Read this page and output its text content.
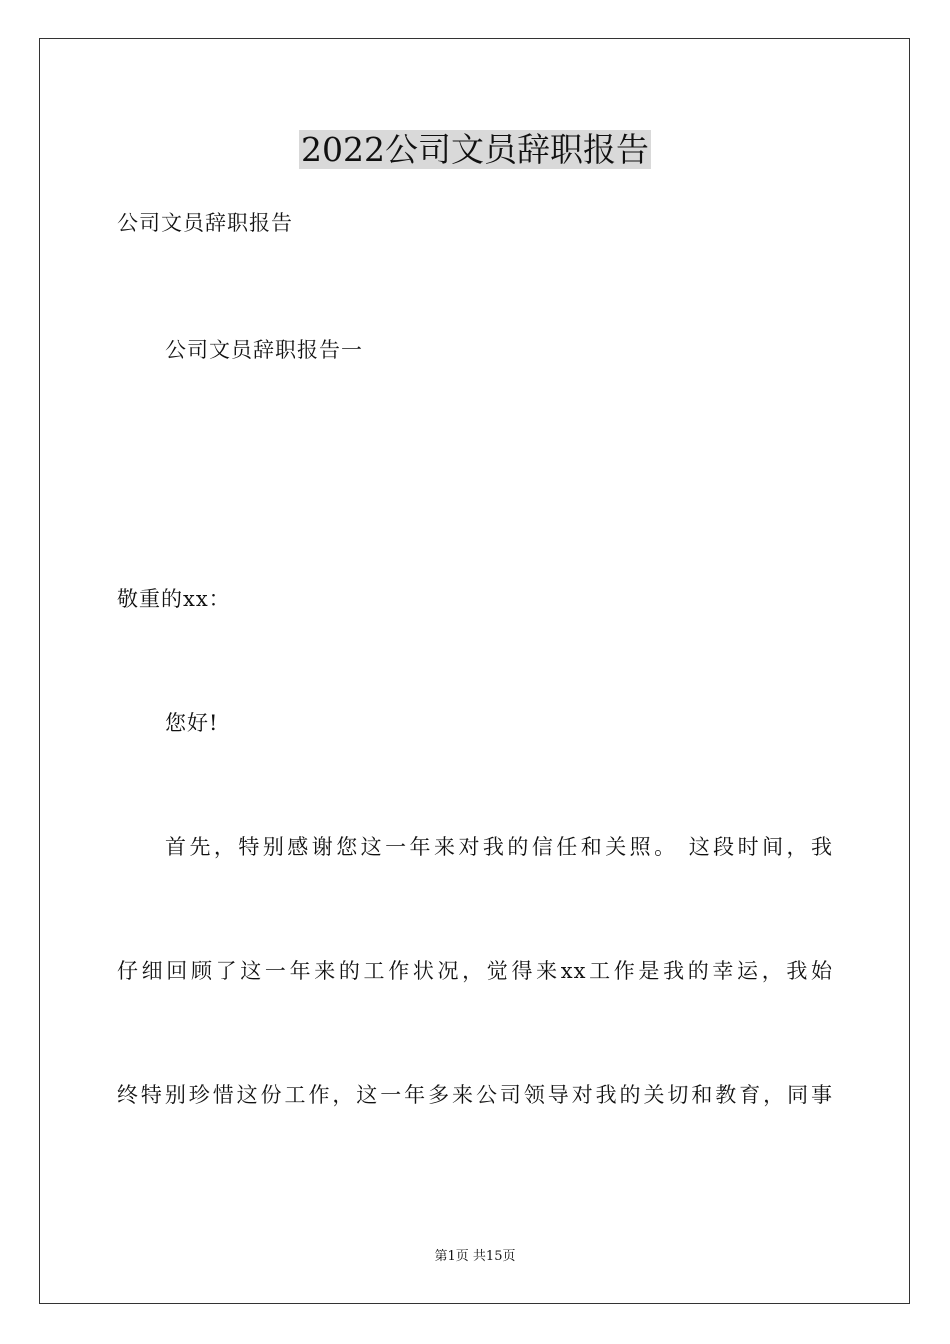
2022公司文员辞职报告
公司文员辞职报告
公司文员辞职报告一
敬重的xx：
您好!
首先，特别感谢您这一年来对我的信任和关照。 这段时间，我
仔细回顾了这一年来的工作状况，觉得来xx工作是我的幸运，我始
终特别珍惜这份工作，这一年多来公司领导对我的关切和教育，同事
第1页 共15页
